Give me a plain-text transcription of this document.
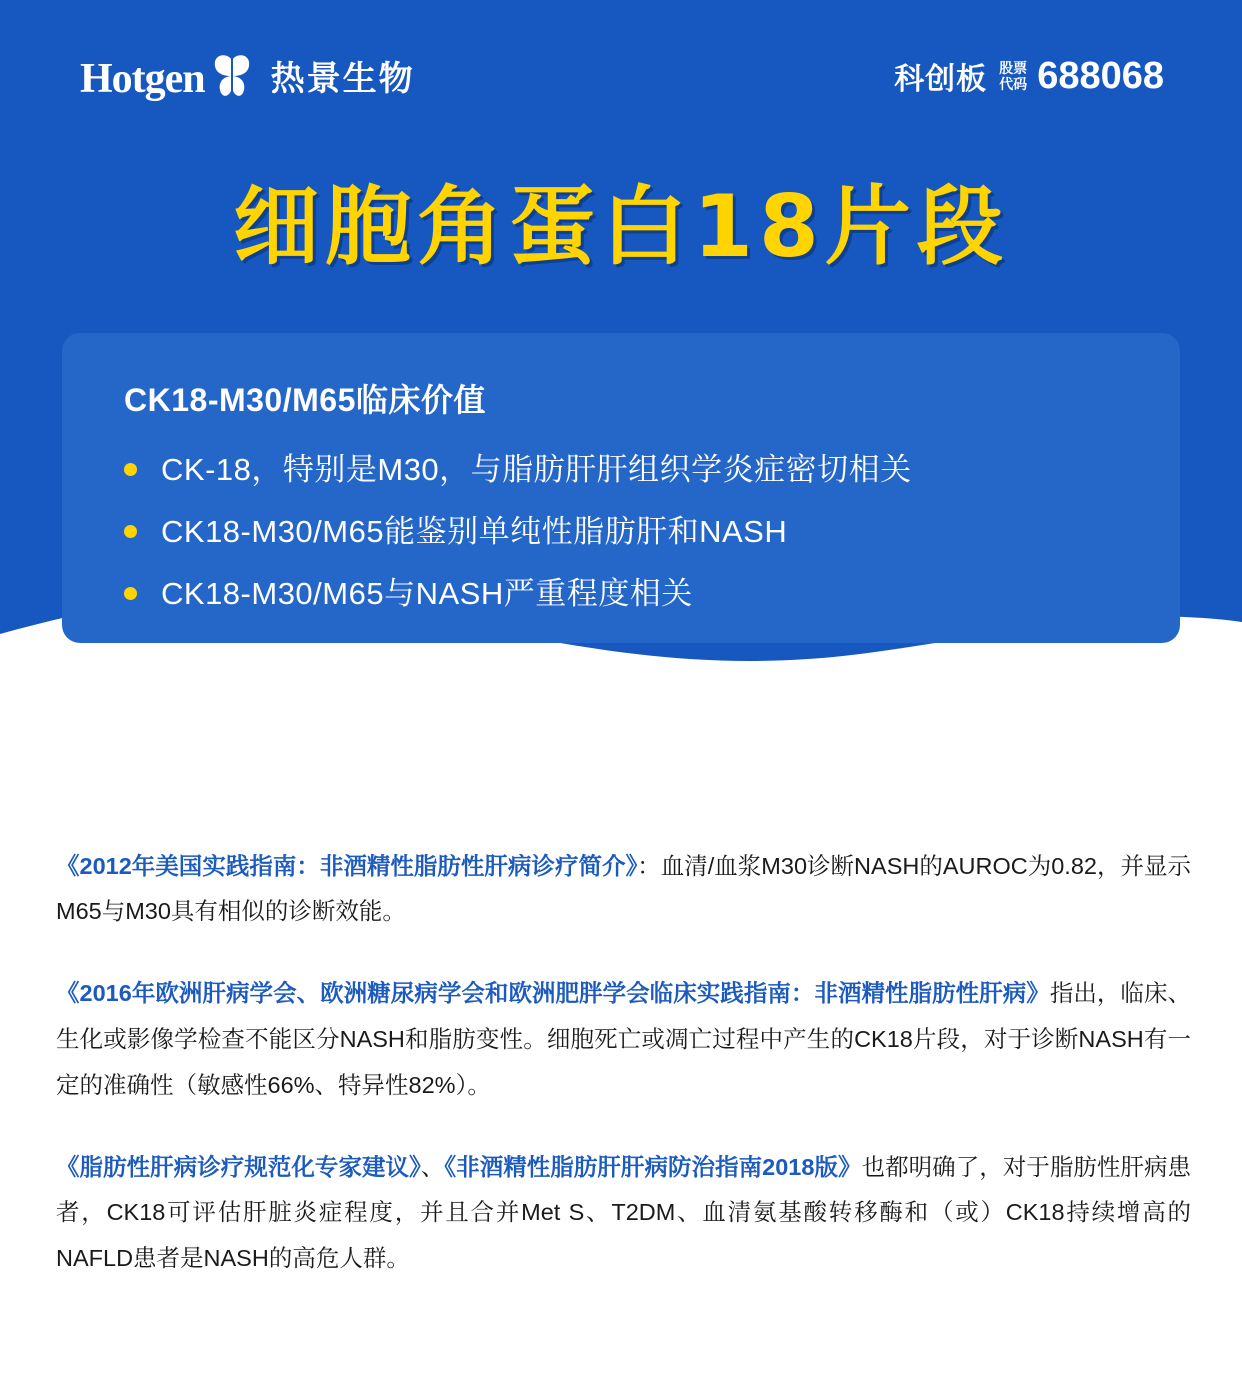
Hotgen 热景生物	科创板 股票
代码 688068
细胞角蛋白18片段
CK18-M30/M65临床价值
CK-18，特别是M30，与脂肪肝肝组织学炎症密切相关
CK18-M30/M65能鉴别单纯性脂肪肝和NASH
CK18-M30/M65与NASH严重程度相关

《2012年美国实践指南：非酒精性脂肪性肝病诊疗简介》：血清/血浆M30诊断NASH的AUROC为0.82，并显示M65与M30具有相似的诊断效能。

《2016年欧洲肝病学会、欧洲糖尿病学会和欧洲肥胖学会临床实践指南：非酒精性脂肪性肝病》指出，临床、生化或影像学检查不能区分NASH和脂肪变性。细胞死亡或凋亡过程中产生的CK18片段，对于诊断NASH有一定的准确性（敏感性66%、特异性82%）。

《脂肪性肝病诊疗规范化专家建议》、《非酒精性脂肪肝肝病防治指南2018版》也都明确了，对于脂肪性肝病患者，CK18可评估肝脏炎症程度，并且合并Met S、T2DM、血清氨基酸转移酶和（或）CK18持续增高的NAFLD患者是NASH的高危人群。
